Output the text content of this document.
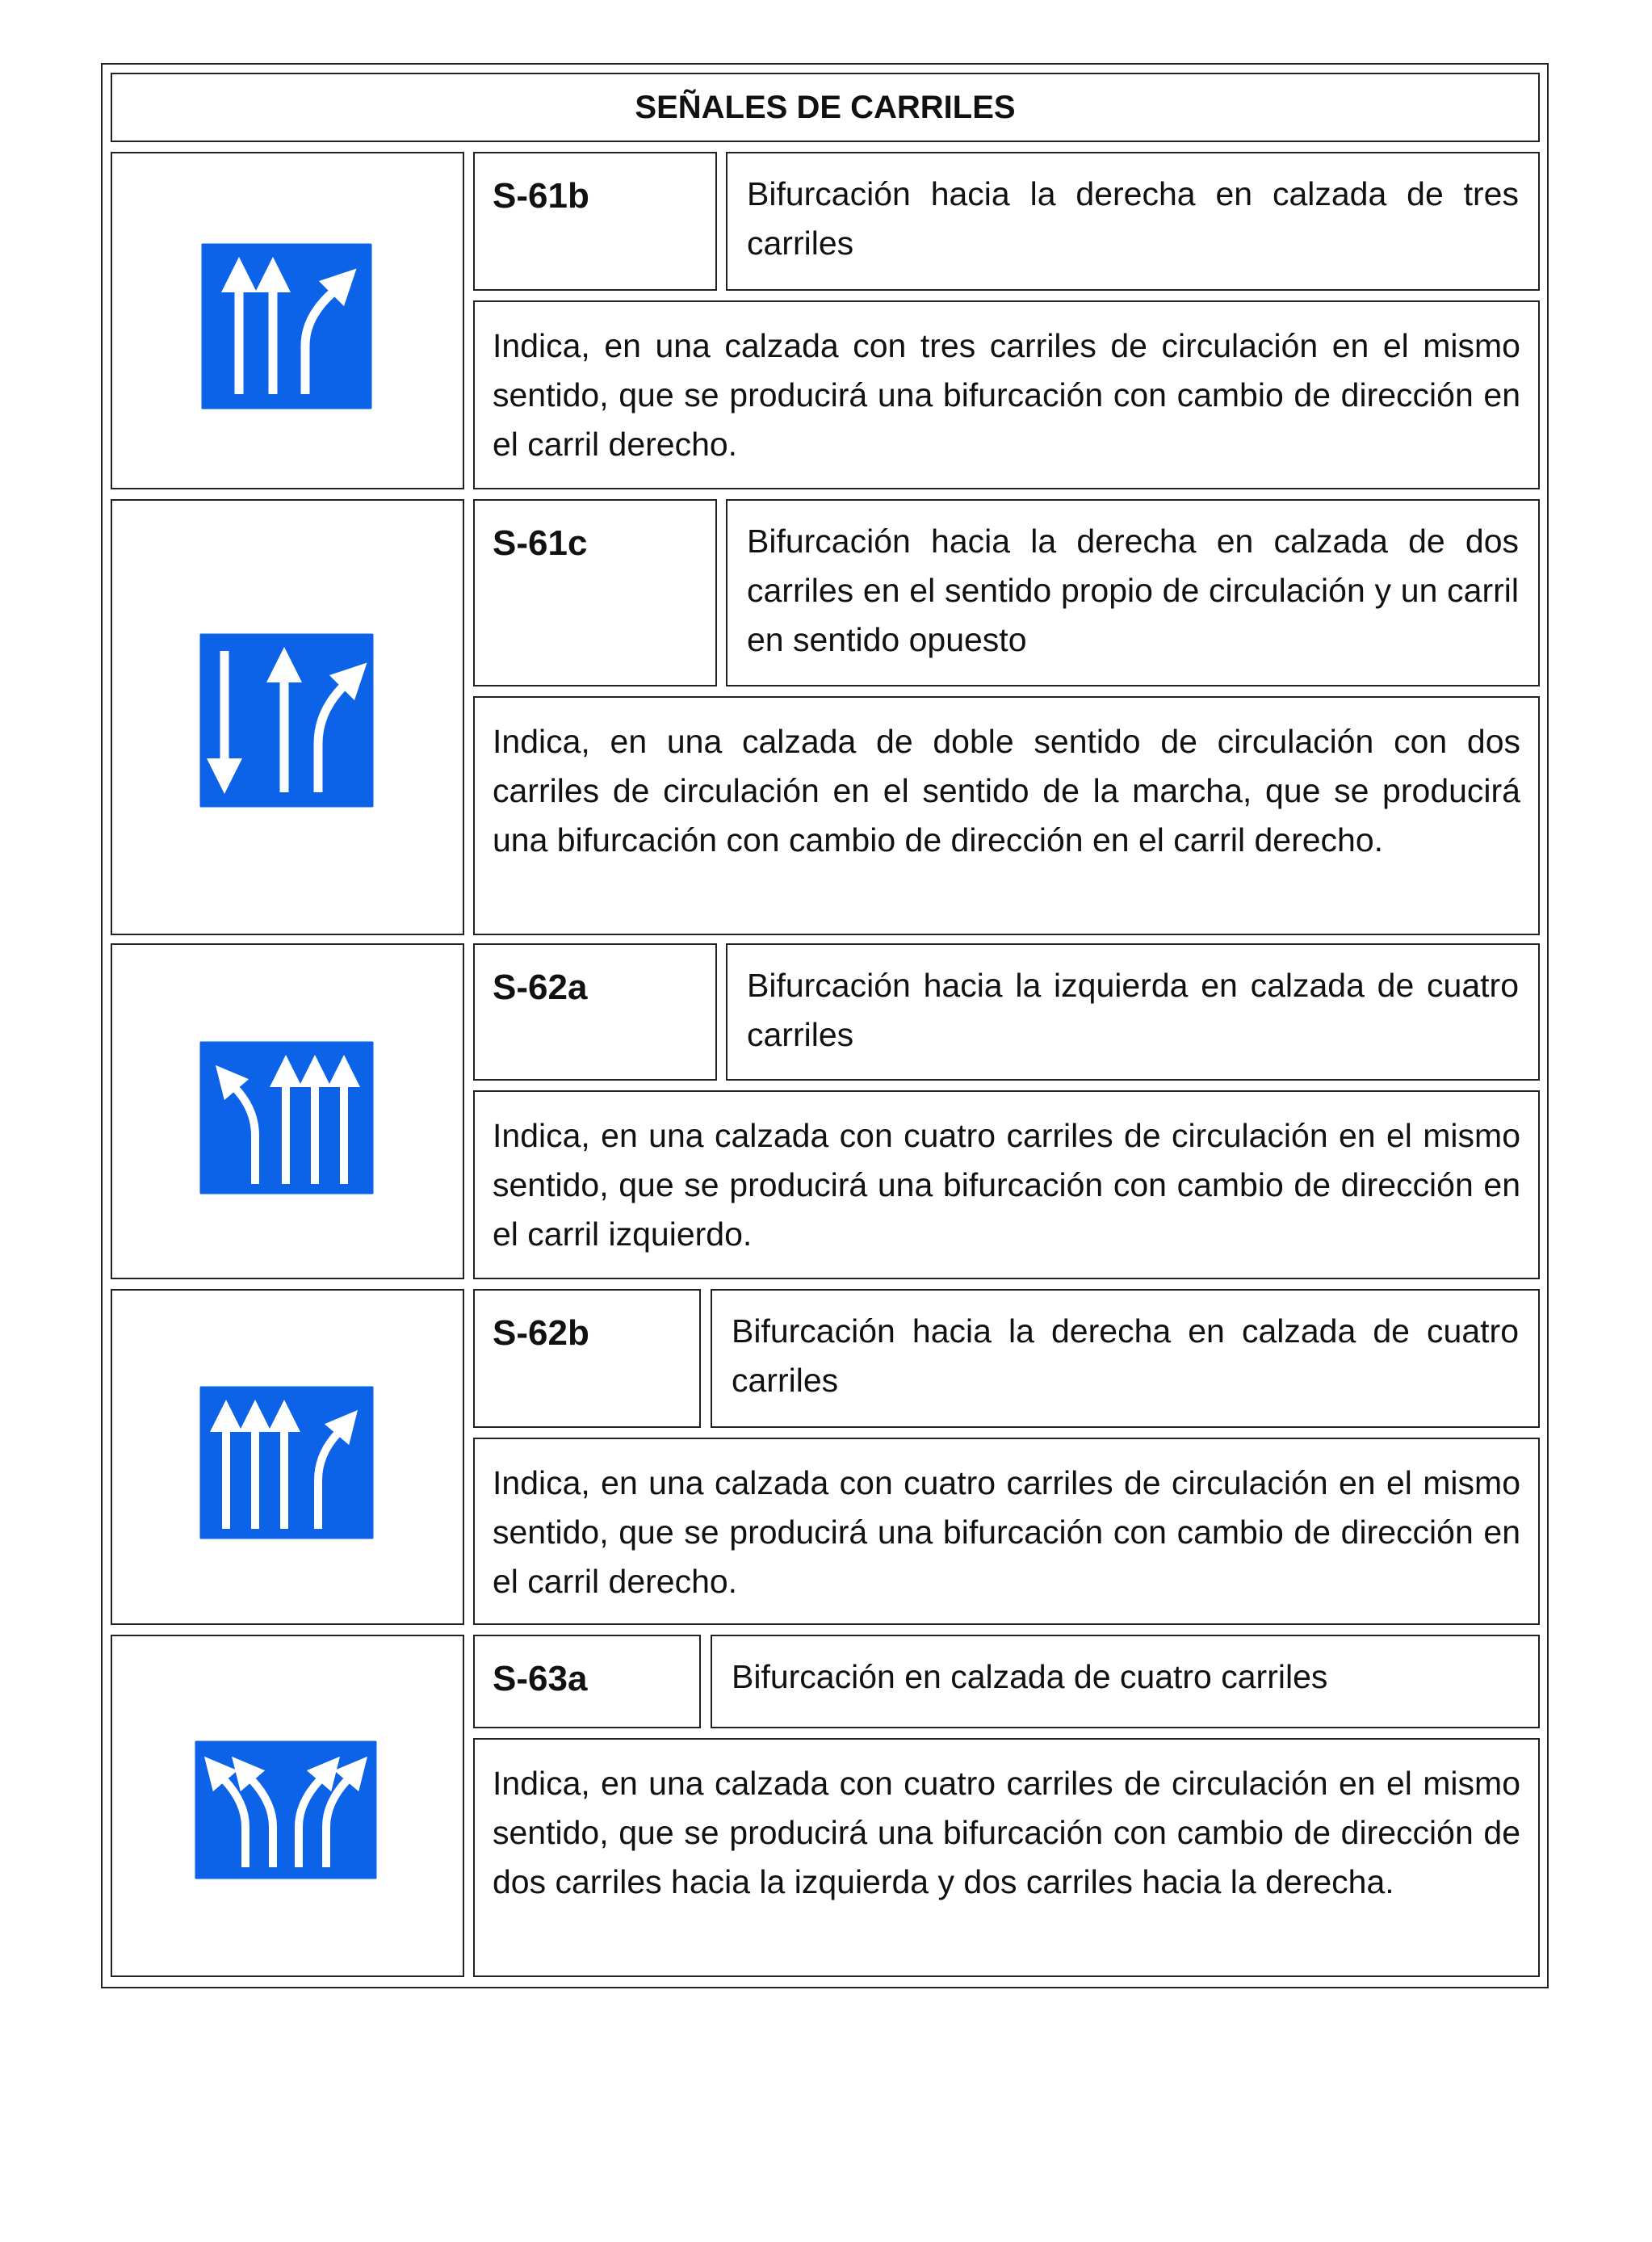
SEÑALES DE CARRILES
S-61b	Bifurcación hacia la derecha en calzada de tres carriles
Indica, en una calzada con tres carriles de circulación en el mismo sentido, que se producirá una bifurcación con cambio de dirección en el carril derecho.
S-61c	Bifurcación hacia la derecha en calzada de dos carriles en el sentido propio de circulación y un carril en sentido opuesto
Indica, en una calzada de doble sentido de circulación con dos carriles de circulación en el sentido de la marcha, que se producirá una bifurcación con cambio de dirección en el carril derecho.
S-62a	Bifurcación hacia la izquierda en calzada de cuatro carriles
Indica, en una calzada con cuatro carriles de circulación en el mismo sentido, que se producirá una bifurcación con cambio de dirección en el carril izquierdo.
S-62b	Bifurcación hacia la derecha en calzada de cuatro carriles
Indica, en una calzada con cuatro carriles de circulación en el mismo sentido, que se producirá una bifurcación con cambio de dirección en el carril derecho.
S-63a	Bifurcación en calzada de cuatro carriles
Indica, en una calzada con cuatro carriles de circulación en el mismo sentido, que se producirá una bifurcación con cambio de dirección de dos carriles hacia la izquierda y dos carriles hacia la derecha.
